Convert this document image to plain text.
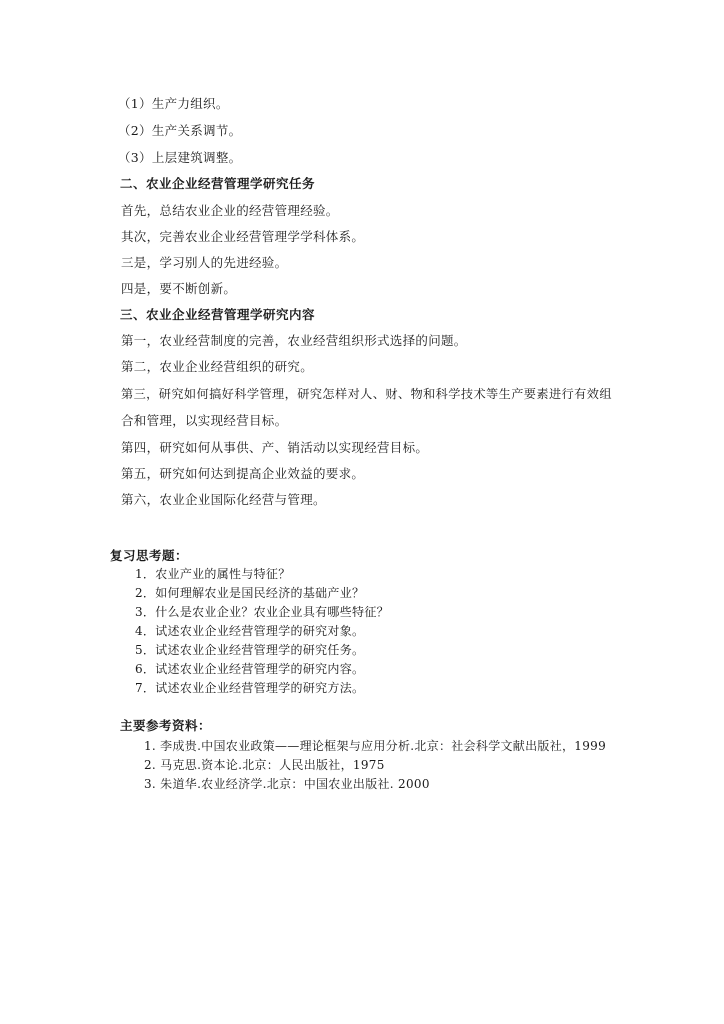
（1）生产力组织。
（2）生产关系调节。
（3）上层建筑调整。
二、农业企业经营管理学研究任务
首先，总结农业企业的经营管理经验。
其次，完善农业企业经营管理学学科体系。
三是，学习别人的先进经验。
四是，要不断创新。
三、农业企业经营管理学研究内容
第一，农业经营制度的完善，农业经营组织形式选择的问题。
第二，农业企业经营组织的研究。
第三，研究如何搞好科学管理，研究怎样对人、财、物和科学技术等生产要素进行有效组
合和管理，以实现经营目标。
第四，研究如何从事供、产、销活动以实现经营目标。
第五，研究如何达到提高企业效益的要求。
第六，农业企业国际化经营与管理。
复习思考题：
1．农业产业的属性与特征？
2．如何理解农业是国民经济的基础产业？
3．什么是农业企业？农业企业具有哪些特征？
4．试述农业企业经营管理学的研究对象。
5．试述农业企业经营管理学的研究任务。
6．试述农业企业经营管理学的研究内容。
7．试述农业企业经营管理学的研究方法。
主要参考资料：
1. 李成贵.中国农业政策——理论框架与应用分析.北京：社会科学文献出版社，1999
2. 马克思.资本论.北京：人民出版社，1975
3. 朱道华.农业经济学.北京：中国农业出版社. 2000
